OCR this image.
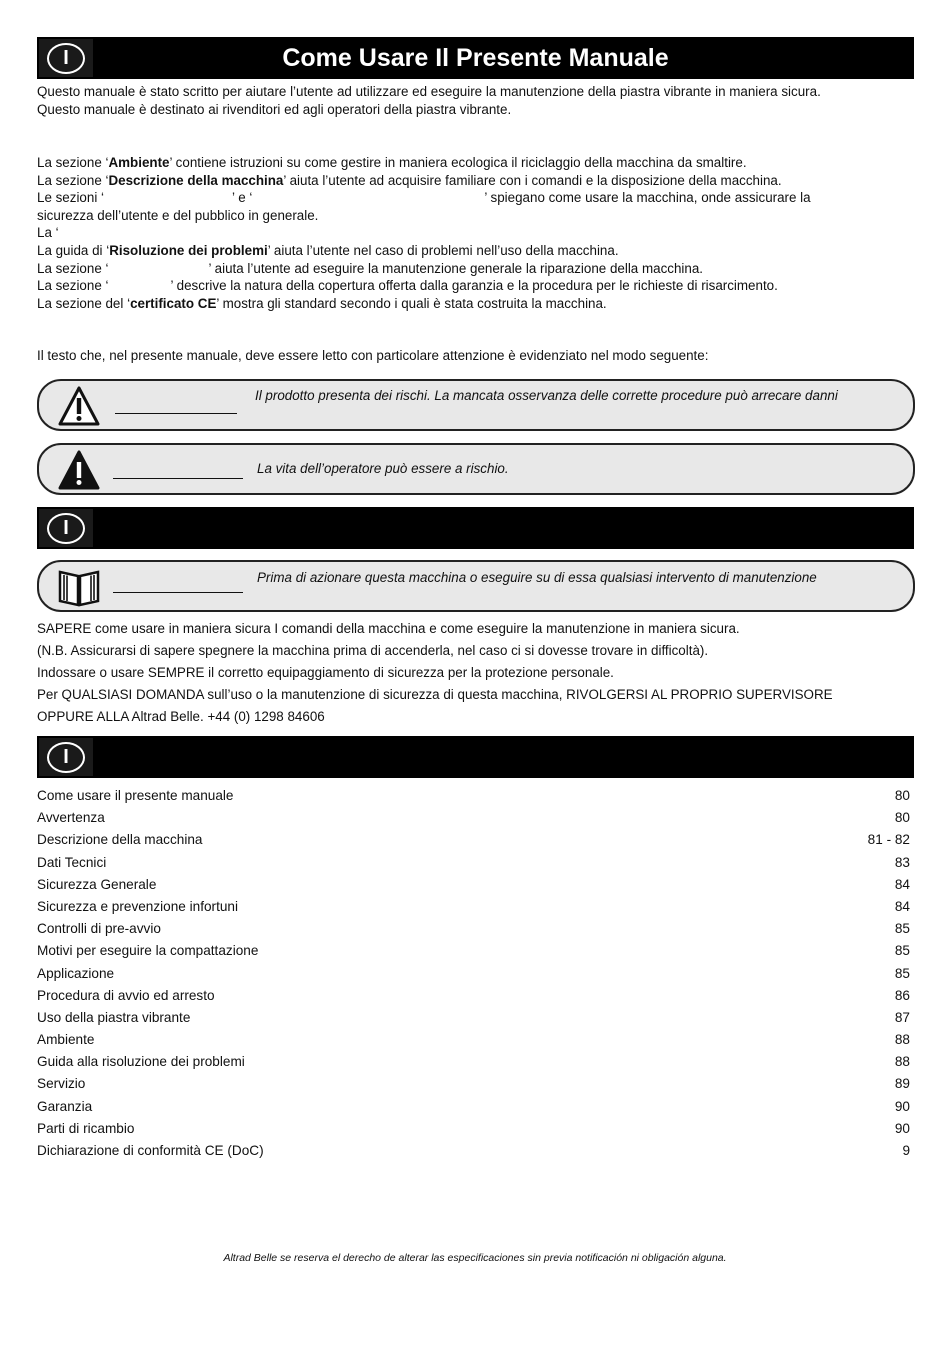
Come Usare Il Presente Manuale
I

Questo manuale è stato scritto per aiutare l’utente ad utilizzare ed eseguire la manutenzione della piastra vibrante in maniera sicura.

Questo manuale è destinato ai rivenditori ed agli operatori della piastra vibrante.

La sezione ‘Ambiente’ contiene istruzioni su come gestire in maniera ecologica il riciclaggio della macchina da smaltire.

La sezione ‘Descrizione della macchina’ aiuta l’utente ad acquisire familiare con i comandi e la disposizione della macchina.

Le sezioni ‘	’ e ‘	’ spiegano come usare la macchina, onde assicurare la

sicurezza dell’utente e del pubblico in generale.

La ‘

La guida di ‘Risoluzione dei problemi’ aiuta l’utente nel caso di problemi nell’uso della macchina.

La sezione ‘	’ aiuta l’utente ad eseguire la manutenzione generale la riparazione della macchina.

La sezione ‘	’ descrive la natura della copertura offerta dalla garanzia e la procedura per le richieste di risarcimento.

La sezione del ‘certificato CE’ mostra gli standard secondo i quali è stata costruita la macchina.

Il testo che, nel presente manuale, deve essere letto con particolare attenzione è evidenziato nel modo seguente:
Il prodotto presenta dei rischi. La mancata osservanza delle corrette procedure può arrecare danni
La vita dell’operatore può essere a rischio.
I
Prima di azionare questa macchina o eseguire su di essa qualsiasi intervento di manutenzione

SAPERE come usare in maniera sicura I comandi della macchina e come eseguire la manutenzione in maniera sicura.

(N.B. Assicurarsi di sapere spegnere la macchina prima di accenderla, nel caso ci si dovesse trovare in difficoltà).

Indossare o usare SEMPRE il corretto equipaggiamento di sicurezza per la protezione personale.

Per QUALSIASI DOMANDA sull’uso o la manutenzione di sicurezza di questa macchina, RIVOLGERSI AL PROPRIO SUPERVISORE

OPPURE ALLA Altrad Belle. +44 (0) 1298 84606

I
Come usare il presente manuale	80
Avvertenza	80
Descrizione della macchina	81 - 82
Dati Tecnici	83
Sicurezza Generale	84
Sicurezza e prevenzione infortuni	84
Controlli di pre-avvio	85
Motivi per eseguire la compattazione	85
Applicazione	85
Procedura di avvio ed arresto	86
Uso della piastra vibrante	87
Ambiente	88
Guida alla risoluzione dei problemi	88
Servizio	89
Garanzia	90
Parti di ricambio	90
Dichiarazione di conformità CE (DoC)	9
Altrad Belle se reserva el derecho de alterar las especificaciones sin previa notificación ni obligación alguna.
